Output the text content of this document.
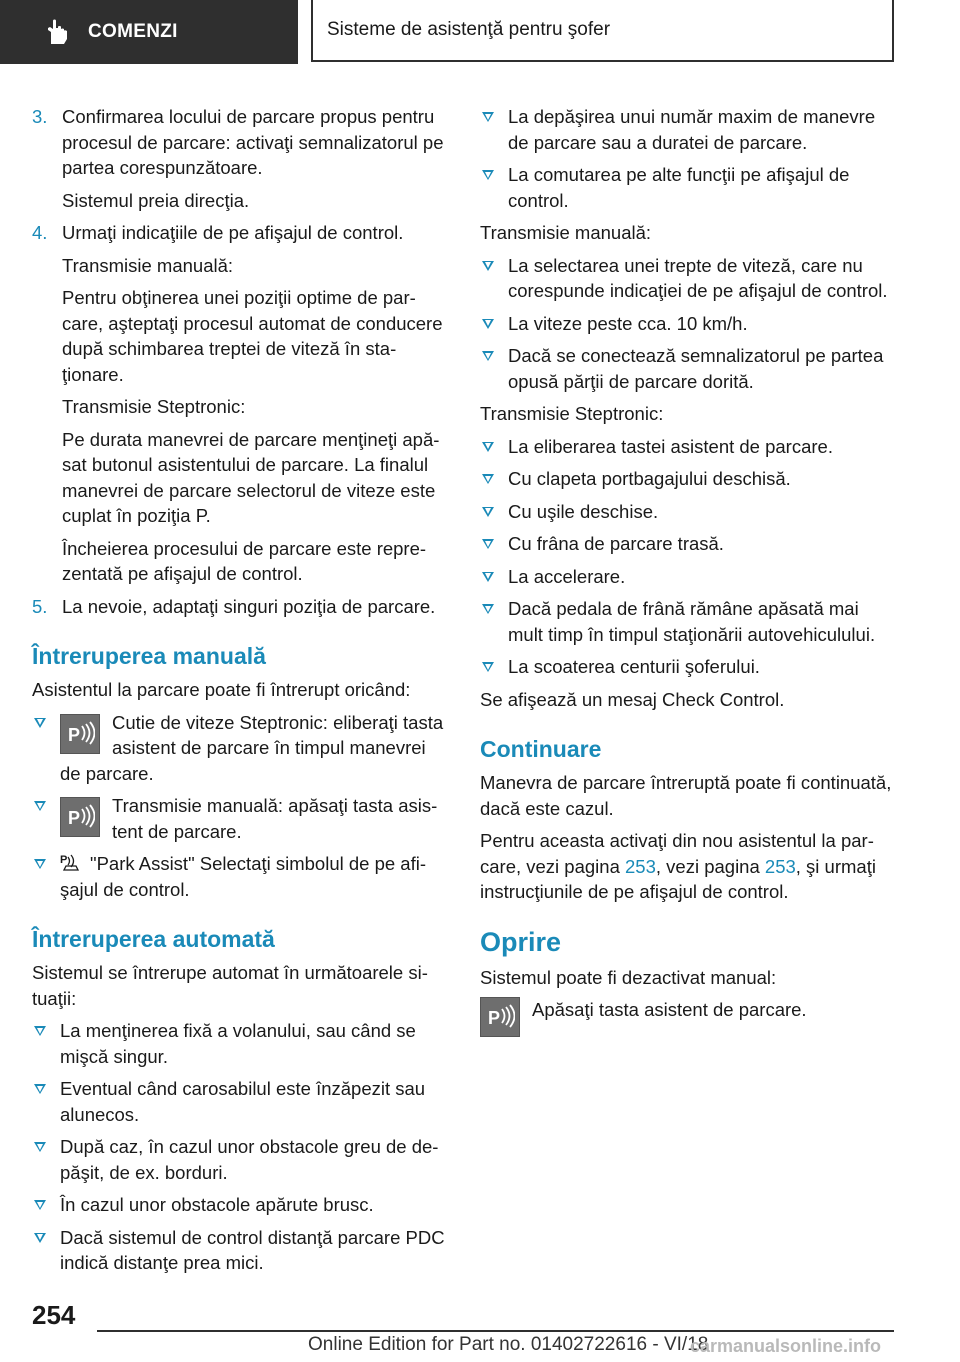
COMENZI	Sisteme de asistenţă pentru şofer
3. Confirmarea locului de parcare propus pentru procesul de parcare: activaţi semnalizatorul pe partea corespunzătoare.
Sistemul preia direcţia.
4. Urmaţi indicaţiile de pe afişajul de control.
Transmisie manuală:
Pentru obţinerea unei poziţii optime de parcare, aşteptaţi procesul automat de conducere după schimbarea treptei de viteză în staţionare.
Transmisie Steptronic:
Pe durata manevrei de parcare menţineţi apăsat butonul asistentului de parcare. La finalul manevrei de parcare selectorul de viteze este cuplat în poziţia P.
Încheierea procesului de parcare este reprezentată pe afişajul de control.
5. La nevoie, adaptaţi singuri poziţia de parcare.
Întreruperea manuală
Asistentul la parcare poate fi întrerupt oricând:
P
Cutie de viteze Steptronic: eliberaţi tasta asistent de parcare în timpul manevrei de parcare.
P
Transmisie manuală: apăsaţi tasta asistent de parcare.
P "Park Assist" Selectaţi simbolul de pe afişajul de control.
Întreruperea automată
Sistemul se întrerupe automat în următoarele situaţii:
La menţinerea fixă a volanului, sau când se mişcă singur.
Eventual când carosabilul este înzăpezit sau alunecos.
După caz, în cazul unor obstacole greu de depăşit, de ex. borduri.
În cazul unor obstacole apărute brusc.
Dacă sistemul de control distanţă parcare PDC indică distanţe prea mici.
La depăşirea unui număr maxim de manevre de parcare sau a duratei de parcare.
La comutarea pe alte funcţii pe afişajul de control.
Transmisie manuală:
La selectarea unei trepte de viteză, care nu corespunde indicaţiei de pe afişajul de control.
La viteze peste cca. 10 km/h.
Dacă se conectează semnalizatorul pe partea opusă părţii de parcare dorită.
Transmisie Steptronic:
La eliberarea tastei asistent de parcare.
Cu clapeta portbagajului deschisă.
Cu uşile deschise.
Cu frâna de parcare trasă.
La accelerare.
Dacă pedala de frână rămâne apăsată mai mult timp în timpul staţionării autovehiculului.
La scoaterea centurii şoferului.
Se afişează un mesaj Check Control.
Continuare
Manevra de parcare întreruptă poate fi continuată, dacă este cazul.
Pentru aceasta activaţi din nou asistentul la parcare, vezi pagina 253, vezi pagina 253, şi urmaţi instrucţiunile de pe afişajul de control.
Oprire
Sistemul poate fi dezactivat manual:
P Apăsaţi tasta asistent de parcare.
254
Online Edition for Part no. 01402722616 - VI/18
carmanualsonline.info
